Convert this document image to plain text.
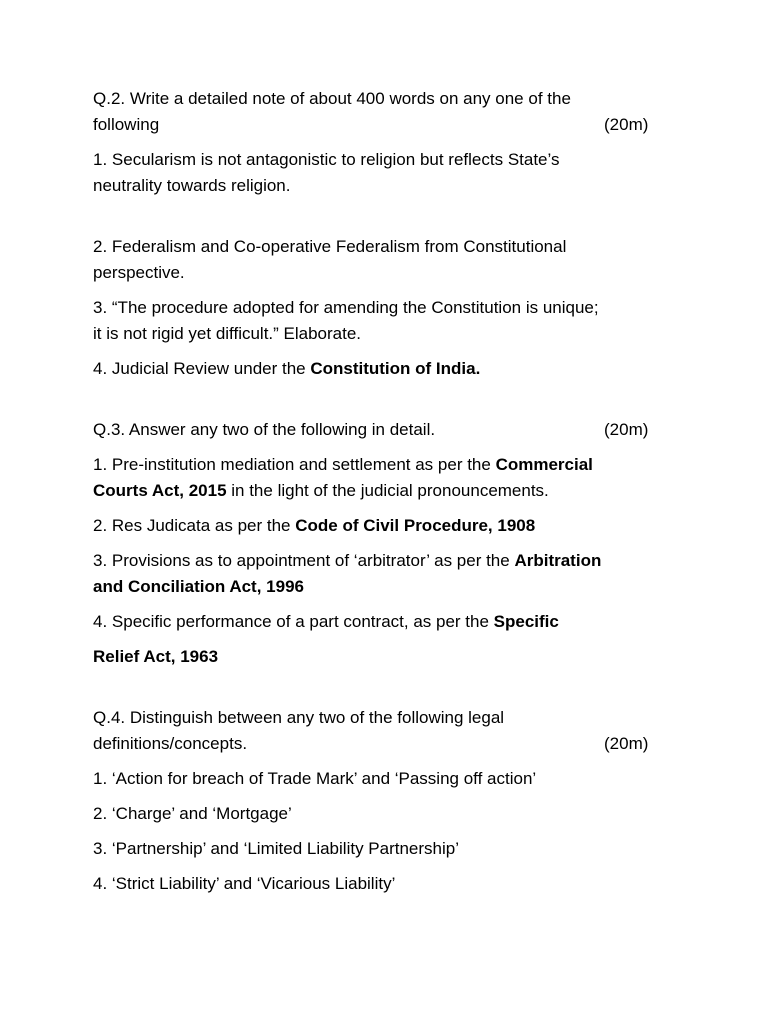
Q.2. Write a detailed note of about 400 words on any one of the
following	(20m)
1. Secularism is not antagonistic to religion but reflects State’s
neutrality towards religion.
2. Federalism and Co-operative Federalism from Constitutional
perspective.
3. “The procedure adopted for amending the Constitution is unique;
it is not rigid yet difficult.” Elaborate.
4. Judicial Review under the Constitution of India.
Q.3. Answer any two of the following in detail.	(20m)
1. Pre-institution mediation and settlement as per the Commercial
Courts Act, 2015 in the light of the judicial pronouncements.
2. Res Judicata as per the Code of Civil Procedure, 1908
3. Provisions as to appointment of ‘arbitrator’ as per the Arbitration
and Conciliation Act, 1996
4. Specific performance of a part contract, as per the Specific
Relief Act, 1963
Q.4. Distinguish between any two of the following legal
definitions/concepts.	(20m)
1. ‘Action for breach of Trade Mark’ and ‘Passing off action’
2. ‘Charge’ and ‘Mortgage’
3. ‘Partnership’ and ‘Limited Liability Partnership’
4. ‘Strict Liability’ and ‘Vicarious Liability’
